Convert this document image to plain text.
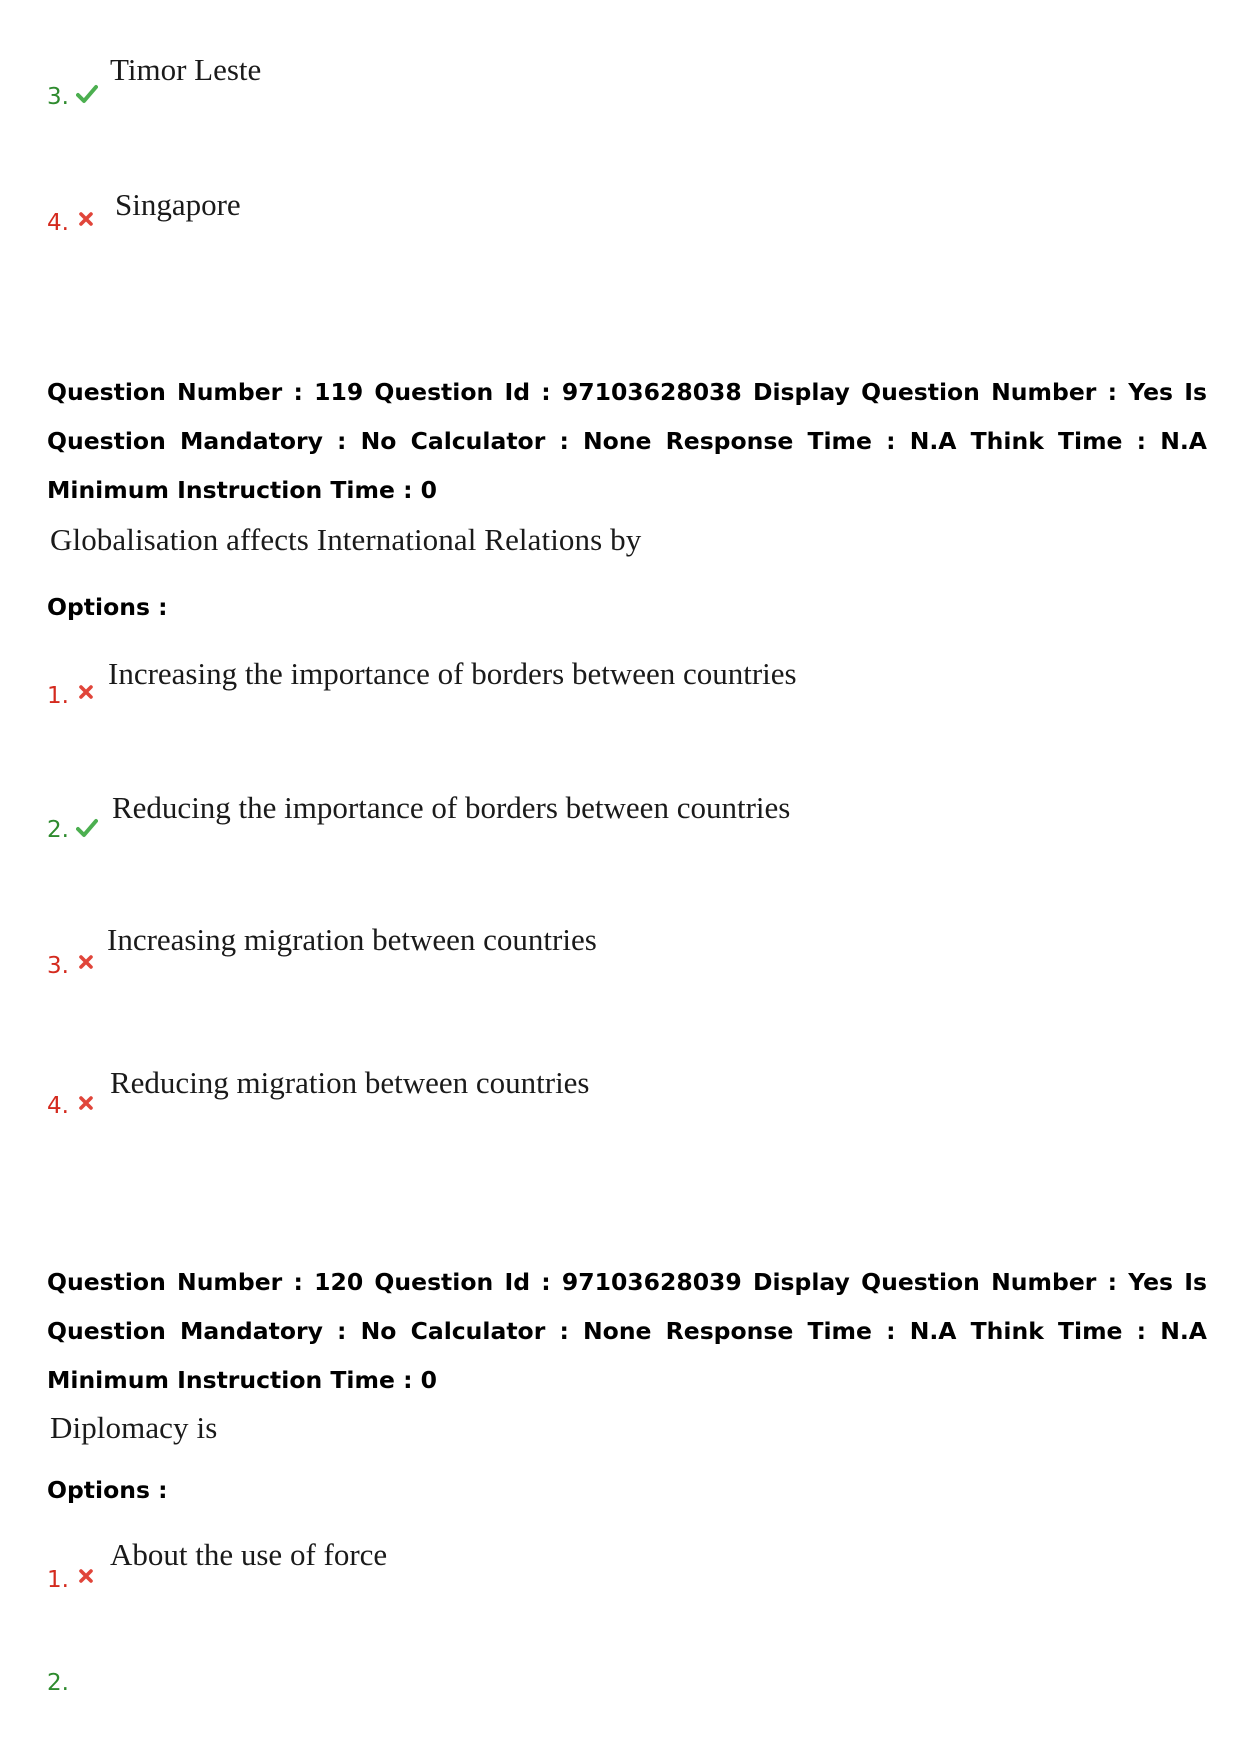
3.
Timor Leste
4.
Singapore
Question Number : 119 Question Id : 97103628038 Display Question Number : Yes Is Question Mandatory : No Calculator : None Response Time : N.A Think Time : N.A Minimum Instruction Time : 0
Globalisation affects International Relations by
Options :
1.
Increasing the importance of borders between countries
2.
Reducing the importance of borders between countries
3.
Increasing migration between countries
4.
Reducing migration between countries
Question Number : 120 Question Id : 97103628039 Display Question Number : Yes Is Question Mandatory : No Calculator : None Response Time : N.A Think Time : N.A Minimum Instruction Time : 0
Diplomacy is
Options :
1.
About the use of force
2.
